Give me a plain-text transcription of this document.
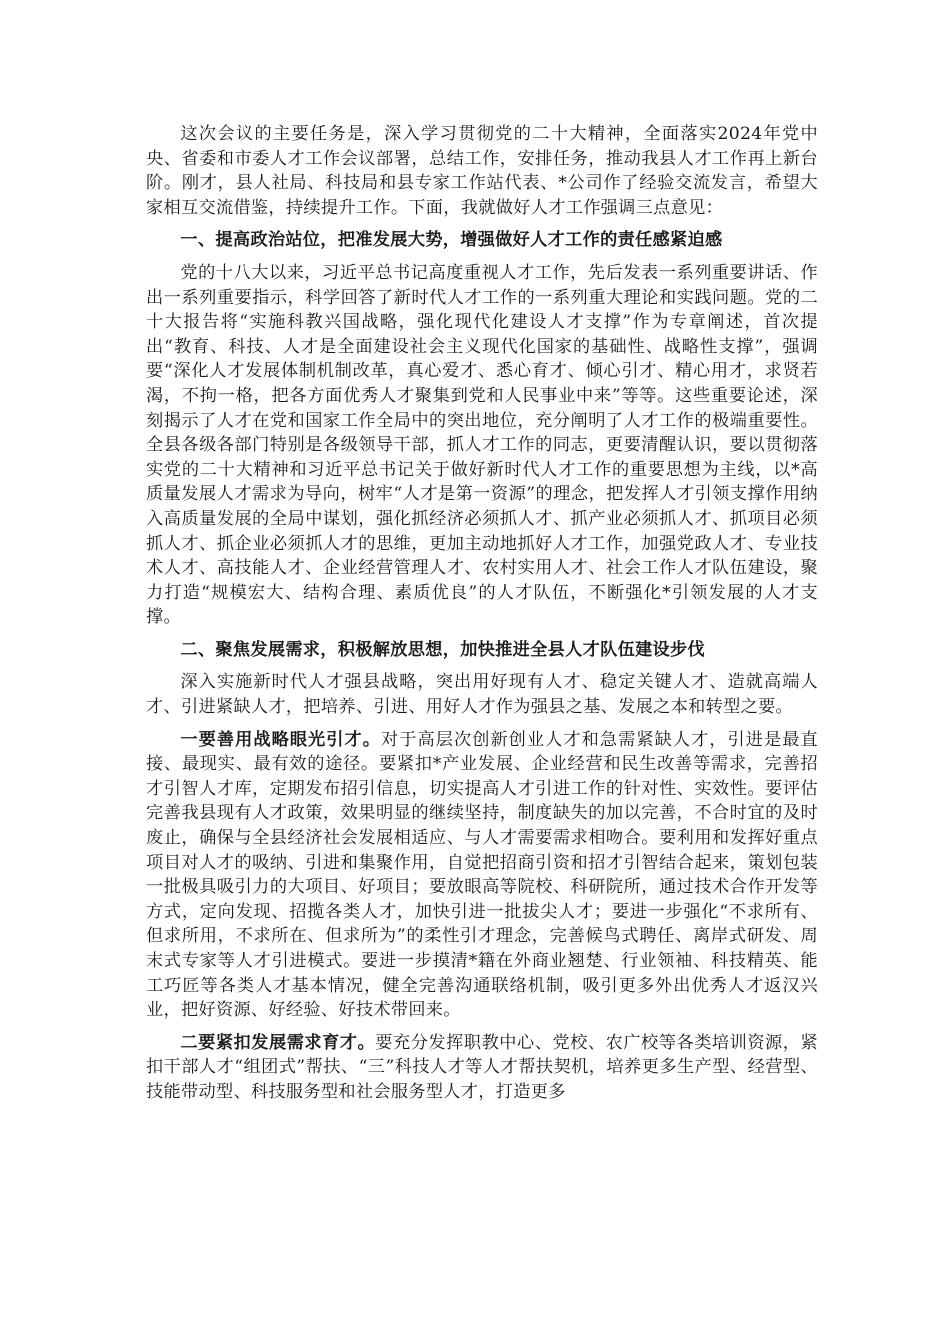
这次会议的主要任务是，深入学习贯彻党的二十大精神，全面落实2024年党中央、省委和市委人才工作会议部署，总结工作，安排任务，推动我县人才工作再上新台阶。刚才，县人社局、科技局和县专家工作站代表、*公司作了经验交流发言，希望大家相互交流借鉴，持续提升工作。下面，我就做好人才工作强调三点意见：

一、提高政治站位，把准发展大势，增强做好人才工作的责任感紧迫感

党的十八大以来，习近平总书记高度重视人才工作，先后发表一系列重要讲话、作出一系列重要指示，科学回答了新时代人才工作的一系列重大理论和实践问题。党的二十大报告将“实施科教兴国战略，强化现代化建设人才支撑”作为专章阐述，首次提出“教育、科技、人才是全面建设社会主义现代化国家的基础性、战略性支撑”，强调要“深化人才发展体制机制改革，真心爱才、悉心育才、倾心引才、精心用才，求贤若渴，不拘一格，把各方面优秀人才聚集到党和人民事业中来”等等。这些重要论述，深刻揭示了人才在党和国家工作全局中的突出地位，充分阐明了人才工作的极端重要性。全县各级各部门特别是各级领导干部，抓人才工作的同志，更要清醒认识，要以贯彻落实党的二十大精神和习近平总书记关于做好新时代人才工作的重要思想为主线，以*高质量发展人才需求为导向，树牢“人才是第一资源”的理念，把发挥人才引领支撑作用纳入高质量发展的全局中谋划，强化抓经济必须抓人才、抓产业必须抓人才、抓项目必须抓人才、抓企业必须抓人才的思维，更加主动地抓好人才工作，加强党政人才、专业技术人才、高技能人才、企业经营管理人才、农村实用人才、社会工作人才队伍建设，聚力打造“规模宏大、结构合理、素质优良”的人才队伍，不断强化*引领发展的人才支撑。

二、聚焦发展需求，积极解放思想，加快推进全县人才队伍建设步伐

深入实施新时代人才强县战略，突出用好现有人才、稳定关键人才、造就高端人才、引进紧缺人才，把培养、引进、用好人才作为强县之基、发展之本和转型之要。

一要善用战略眼光引才。对于高层次创新创业人才和急需紧缺人才，引进是最直接、最现实、最有效的途径。要紧扣*产业发展、企业经营和民生改善等需求，完善招才引智人才库，定期发布招引信息，切实提高人才引进工作的针对性、实效性。要评估完善我县现有人才政策，效果明显的继续坚持，制度缺失的加以完善，不合时宜的及时废止，确保与全县经济社会发展相适应、与人才需要需求相吻合。要利用和发挥好重点项目对人才的吸纳、引进和集聚作用，自觉把招商引资和招才引智结合起来，策划包装一批极具吸引力的大项目、好项目；要放眼高等院校、科研院所，通过技术合作开发等方式，定向发现、招揽各类人才，加快引进一批拔尖人才；要进一步强化“不求所有、但求所用，不求所在、但求所为”的柔性引才理念，完善候鸟式聘任、离岸式研发、周末式专家等人才引进模式。要进一步摸清*籍在外商业翘楚、行业领袖、科技精英、能工巧匠等各类人才基本情况，健全完善沟通联络机制，吸引更多外出优秀人才返汉兴业，把好资源、好经验、好技术带回来。

二要紧扣发展需求育才。要充分发挥职教中心、党校、农广校等各类培训资源，紧扣干部人才“组团式”帮扶、“三”科技人才等人才帮扶契机，培养更多生产型、经营型、技能带动型、科技服务型和社会服务型人才，打造更多
